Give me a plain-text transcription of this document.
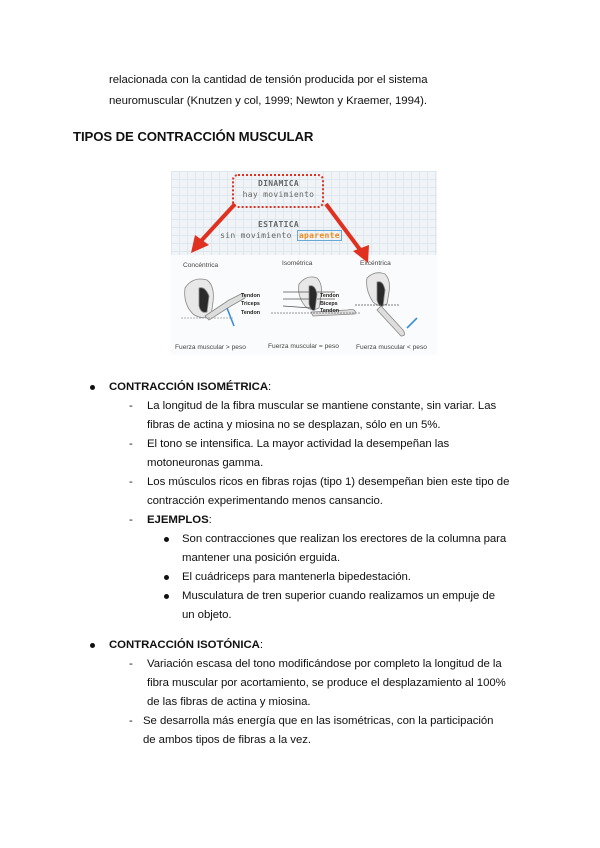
relacionada con la cantidad de tensión producida por el sistema
neuromuscular (Knutzen y col, 1999; Newton y Kraemer, 1994).
TIPOS DE CONTRACCIÓN MUSCULAR
DINAMICA
hay movimiento
ESTATICA
sin movimiento aparente
Concéntrica	Isométrica	Excéntrica
Tendon
Triceps
Tendon
Tendon
Biceps
Tendon
Fuerza muscular > peso	Fuerza muscular = peso	Fuerza muscular < peso
CONTRACCIÓN ISOMÉTRICA:
- La longitud de la fibra muscular se mantiene constante, sin variar. Las
fibras de actina y miosina no se desplazan, sólo en un 5%.
- El tono se intensifica. La mayor actividad la desempeñan las
motoneuronas gamma.
- Los músculos ricos en fibras rojas (tipo 1) desempeñan bien este tipo de
contracción experimentando menos cansancio.
- EJEMPLOS:
Son contracciones que realizan los erectores de la columna para
mantener una posición erguida.
El cuádriceps para mantenerla bipedestación.
Musculatura de tren superior cuando realizamos un empuje de
un objeto.
CONTRACCIÓN ISOTÓNICA:
- Variación escasa del tono modificándose por completo la longitud de la
fibra muscular por acortamiento, se produce el desplazamiento al 100%
de las fibras de actina y miosina.
- Se desarrolla más energía que en las isométricas, con la participación
de ambos tipos de fibras a la vez.
